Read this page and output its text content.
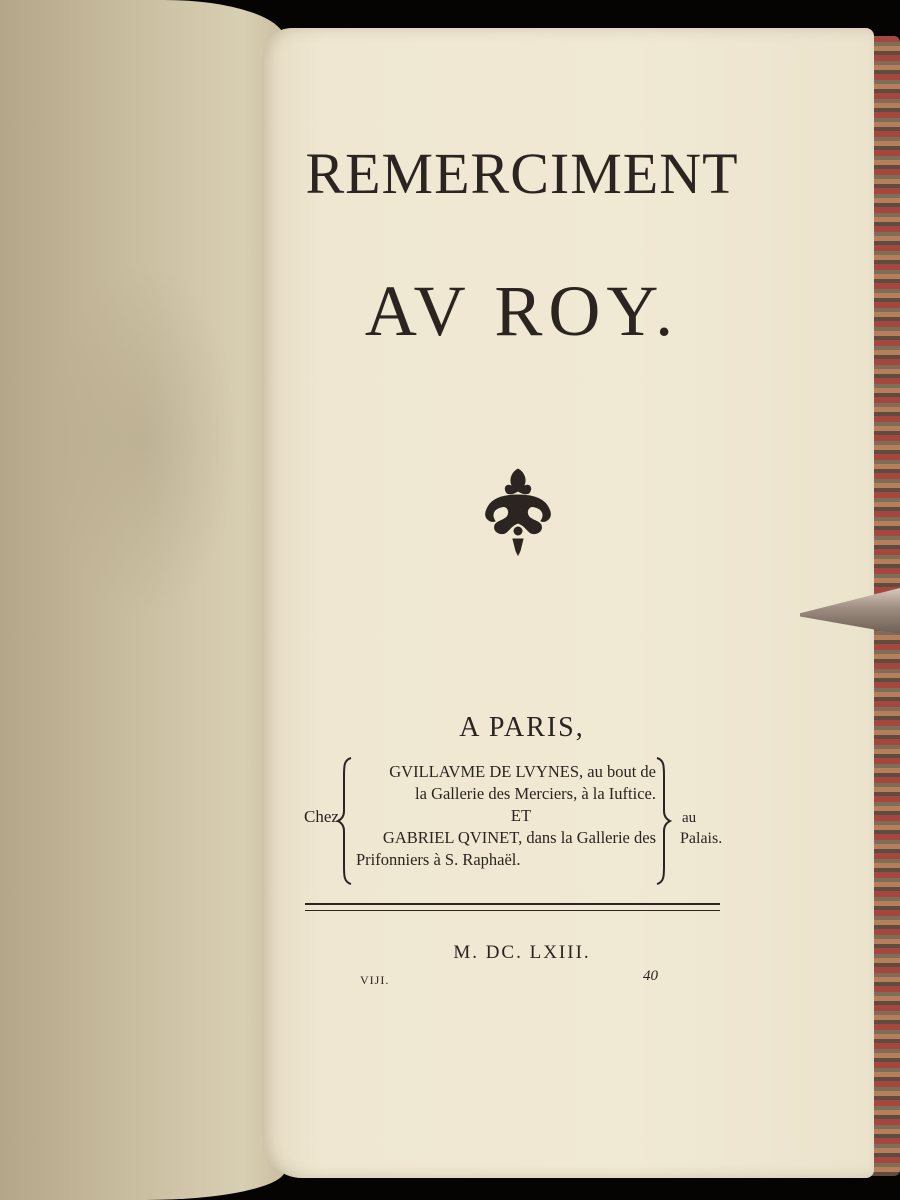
REMERCIMENT
AV ROY.
A PARIS,
Chez
GVILLAVME DE LVYNES, au bout de
la Gallerie des Merciers, à la Iuftice.
ET
GABRIEL QVINET, dans la Gallerie des
Prifonniers à S. Raphaël.
au
Palais.
M. DC. LXIII.
VIJI.	40
